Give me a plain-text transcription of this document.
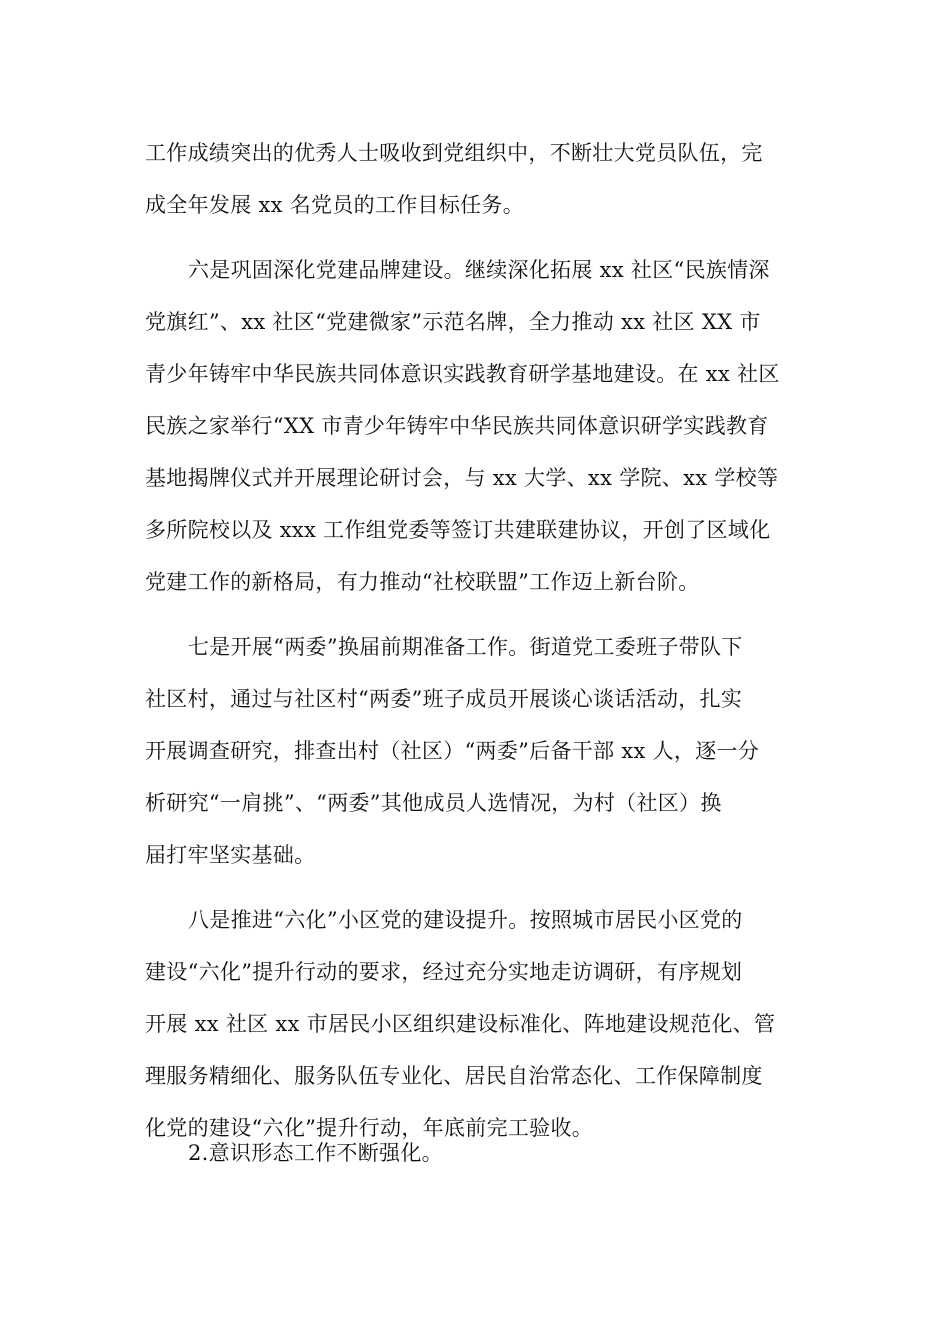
工作成绩突出的优秀人士吸收到党组织中，不断壮大党员队伍，完
成全年发展 xx 名党员的工作目标任务。
六是巩固深化党建品牌建设。继续深化拓展 xx 社区“民族情深
党旗红”、xx 社区“党建微家”示范名牌，全力推动 xx 社区 XX 市
青少年铸牢中华民族共同体意识实践教育研学基地建设。在 xx 社区
民族之家举行“XX 市青少年铸牢中华民族共同体意识研学实践教育
基地揭牌仪式并开展理论研讨会，与 xx 大学、xx 学院、xx 学校等
多所院校以及 xxx 工作组党委等签订共建联建协议，开创了区域化
党建工作的新格局，有力推动“社校联盟”工作迈上新台阶。
七是开展“两委”换届前期准备工作。街道党工委班子带队下
社区村，通过与社区村“两委”班子成员开展谈心谈话活动，扎实
开展调查研究，排查出村（社区）“两委”后备干部 xx 人，逐一分
析研究“一肩挑”、“两委”其他成员人选情况，为村（社区）换
届打牢坚实基础。
八是推进“六化”小区党的建设提升。按照城市居民小区党的
建设“六化”提升行动的要求，经过充分实地走访调研，有序规划
开展 xx 社区 xx 市居民小区组织建设标准化、阵地建设规范化、管
理服务精细化、服务队伍专业化、居民自治常态化、工作保障制度
化党的建设“六化”提升行动，年底前完工验收。
2.意识形态工作不断强化。
